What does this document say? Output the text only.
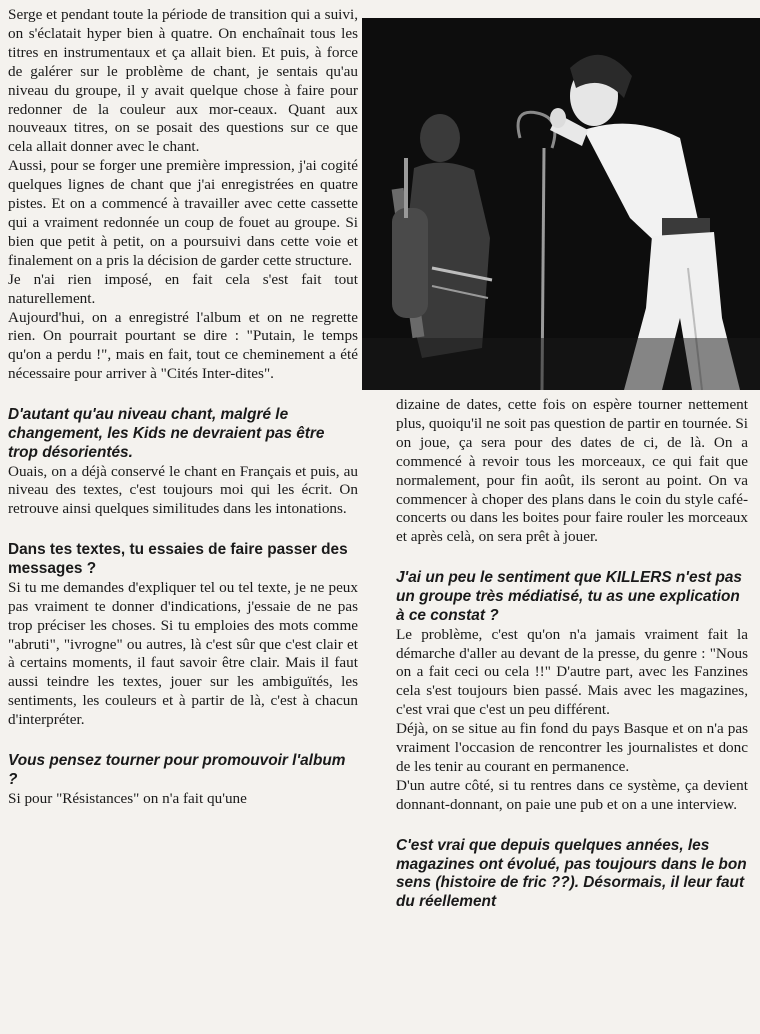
Serge et pendant toute la période de transition qui a suivi, on s'éclatait hyper bien à quatre. On enchaînait tous les titres en instrumentaux et ça allait bien. Et puis, à force de galérer sur le problème de chant, je sentais qu'au niveau du groupe, il y avait quelque chose à faire pour redonner de la couleur aux mor-ceaux. Quant aux nouveaux titres, on se posait des questions sur ce que cela allait donner avec le chant.

Aussi, pour se forger une première impression, j'ai cogité quelques lignes de chant que j'ai enregistrées en quatre pistes. Et on a commencé à travailler avec cette cassette qui a vraiment redonnée un coup de fouet au groupe. Si bien que petit à petit, on a poursuivi dans cette voie et finalement on a pris la décision de garder cette structure.

Je n'ai rien imposé, en fait cela s'est fait tout naturellement.

Aujourd'hui, on a enregistré l'album et on ne regrette rien. On pourrait pourtant se dire : "Putain, le temps qu'on a perdu !", mais en fait, tout ce cheminement a été nécessaire pour arriver à "Cités Inter-dites".

D'autant qu'au niveau chant, malgré le changement, les Kids ne devraient pas être trop désorientés.

Ouais, on a déjà conservé le chant en Français et puis, au niveau des textes, c'est toujours moi qui les écrit. On retrouve ainsi quelques similitudes dans les intonations.

Dans tes textes, tu essaies de faire passer des messages ?

Si tu me demandes d'expliquer tel ou tel texte, je ne peux pas vraiment te donner d'indications, j'essaie de ne pas trop préciser les choses. Si tu emploies des mots comme "abruti", "ivrogne" ou autres, là c'est sûr que c'est clair et à certains moments, il faut savoir être clair. Mais il faut aussi teindre les textes, jouer sur les ambiguïtés, les sentiments, les couleurs et à partir de là, c'est à chacun d'interpréter.

Vous pensez tourner pour promouvoir l'album ?

Si pour "Résistances" on n'a fait qu'une

dizaine de dates, cette fois on espère tourner nettement plus, quoiqu'il ne soit pas question de partir en tournée. Si on joue, ça sera pour des dates de ci, de là. On a commencé à revoir tous les morceaux, ce qui fait que normalement, pour fin août, ils seront au point. On va commencer à choper des plans dans le coin du style café-concerts ou dans les boites pour faire rouler les morceaux et après celà, on sera prêt à jouer.

J'ai un peu le sentiment que KILLERS n'est pas un groupe très médiatisé, tu as une explication à ce constat ?

Le problème, c'est qu'on n'a jamais vraiment fait la démarche d'aller au devant de la presse, du genre : "Nous on a fait ceci ou cela !!" D'autre part, avec les Fanzines cela s'est toujours bien passé. Mais avec les magazines, c'est vrai que c'est un peu différent.

Déjà, on se situe au fin fond du pays Basque et on n'a pas vraiment l'occasion de rencontrer les journalistes et donc de les tenir au courant en permanence.

D'un autre côté, si tu rentres dans ce système, ça devient donnant-donnant, on paie une pub et on a une interview.

C'est vrai que depuis quelques années, les magazines ont évolué, pas toujours dans le bon sens (histoire de fric ??). Désormais, il leur faut du réellement
